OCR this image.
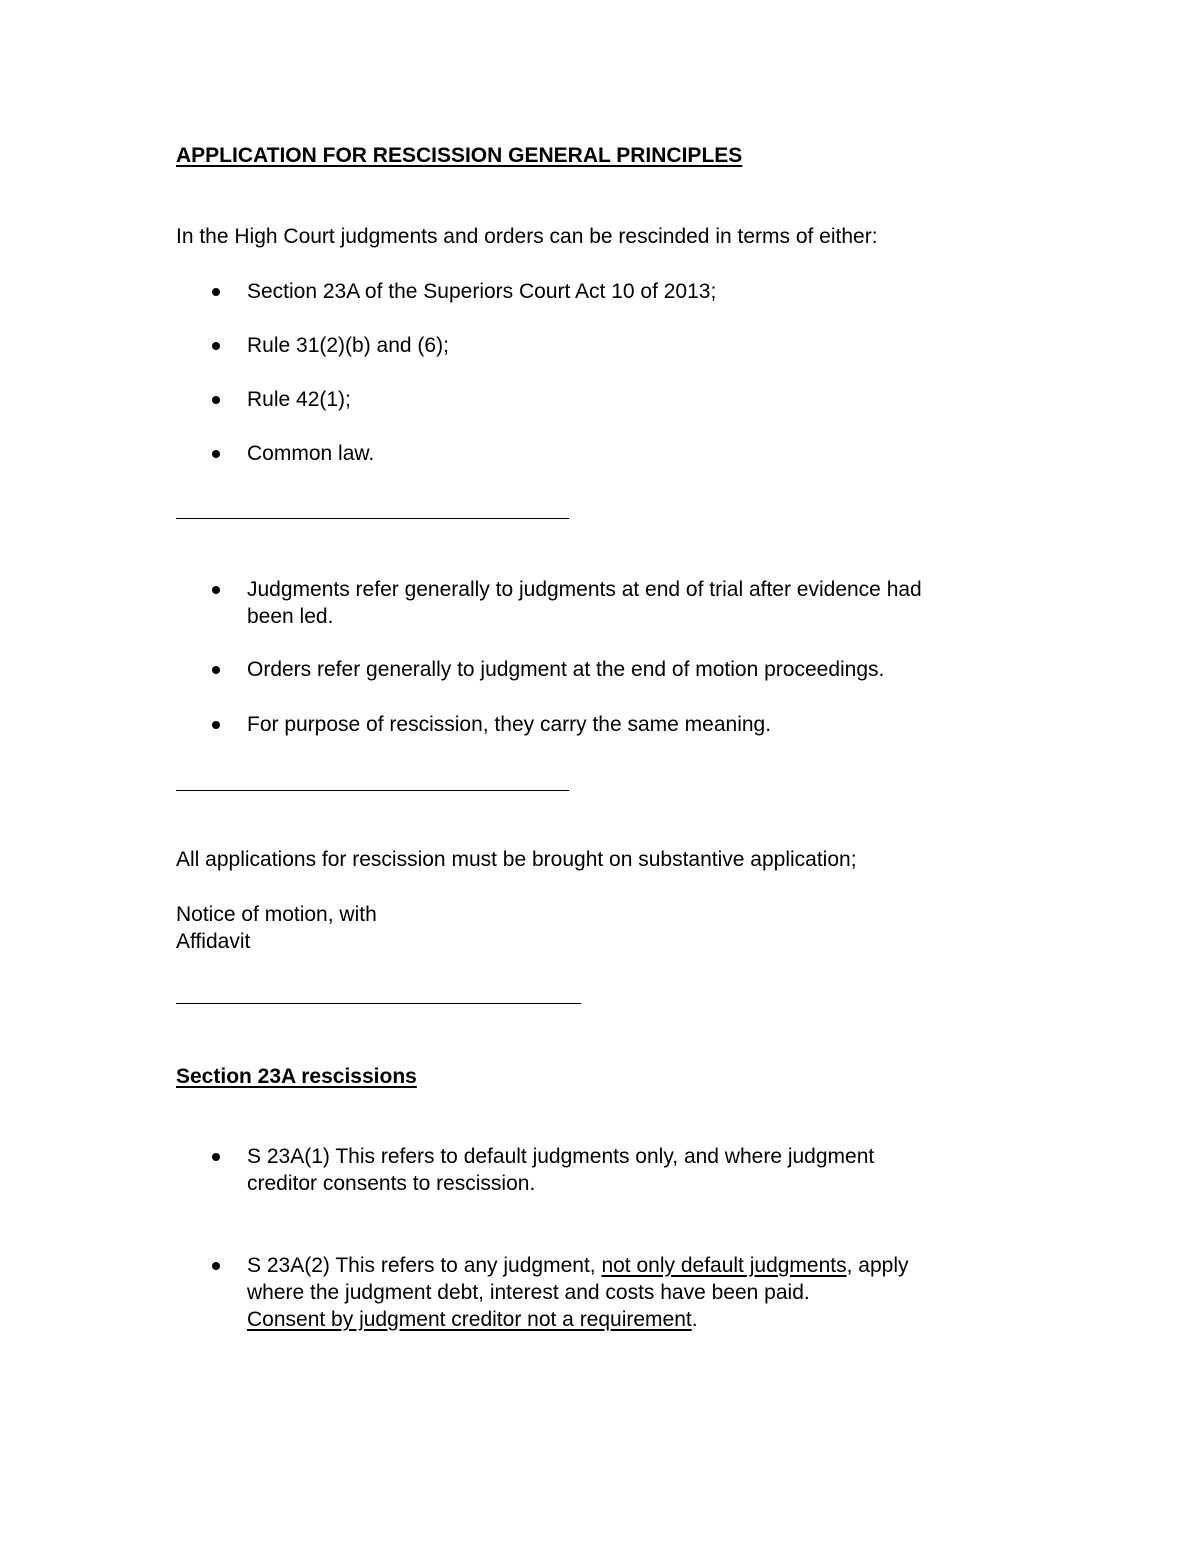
APPLICATION FOR RESCISSION GENERAL PRINCIPLES
In the High Court judgments and orders can be rescinded in terms of either:
Section 23A of the Superiors Court Act 10 of 2013;
Rule 31(2)(b) and (6);
Rule 42(1);
Common law.
Judgments refer generally to judgments at end of trial after evidence had
been led.
Orders refer generally to judgment at the end of motion proceedings.
For purpose of rescission, they carry the same meaning.
All applications for rescission must be brought on substantive application;
Notice of motion, with
Affidavit
Section 23A rescissions
S 23A(1) This refers to default judgments only, and where judgment
creditor consents to rescission.
S 23A(2) This refers to any judgment, not only default judgments, apply
where the judgment debt, interest and costs have been paid.
Consent by judgment creditor not a requirement.
